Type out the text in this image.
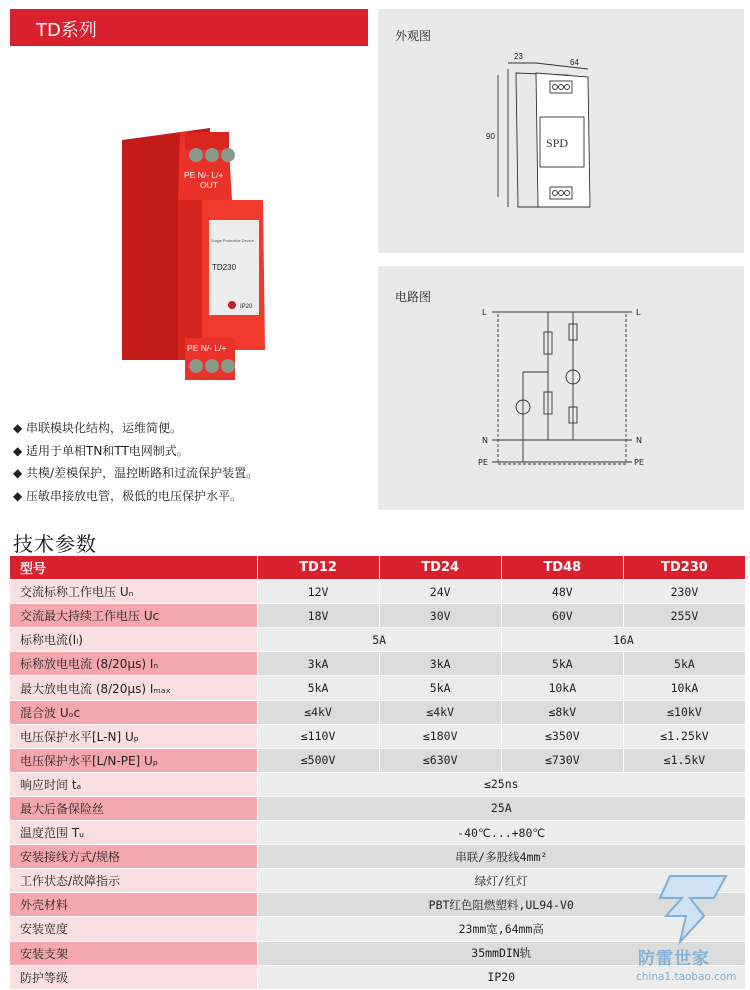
TD系列
PE N/- L/+
OUT
Surge Protective Device
TD230
IP20
PE N/- L/+
◆ 串联模块化结构，运维简便。
◆ 适用于单相TN和TT电网制式。
◆ 共模/差模保护，温控断路和过流保护装置。
◆ 压敏串接放电管，极低的电压保护水平。
外观图
23
64
90	SPD
电路图
L	L
N	N
PE	PE
技术参数
型号	TD12	TD24	TD48	TD230
交流标称工作电压 Uₙ	12V	24V	48V	230V
交流最大持续工作电压 Uᴄ	18V	30V	60V	255V
标称电流(Iₗ)	5A		16A	
标称放电电流 (8/20μs) Iₙ	3kA	3kA	5kA	5kA
最大放电电流 (8/20μs) Iₘₐₓ	5kA	5kA	10kA	10kA
混合波 Uₒᴄ	≤4kV	≤4kV	≤8kV	≤10kV
电压保护水平[L-N] Uₚ	≤110V	≤180V	≤350V	≤1.25kV
电压保护水平[L/N-PE] Uₚ	≤500V	≤630V	≤730V	≤1.5kV
响应时间 tₐ	≤25ns			
最大后备保险丝	25A			
温度范围 Tᵤ	-40℃...+80℃			
安装接线方式/规格	串联/多股线4mm²			
工作状态/故障指示	绿灯/红灯			
外壳材料	PBT红色阻燃塑料,UL94-V0			
安装宽度	23mm宽,64mm高			
安装支架	35mmDIN轨			
防护等级	IP20			
防雷世家
china1.taobao.com
